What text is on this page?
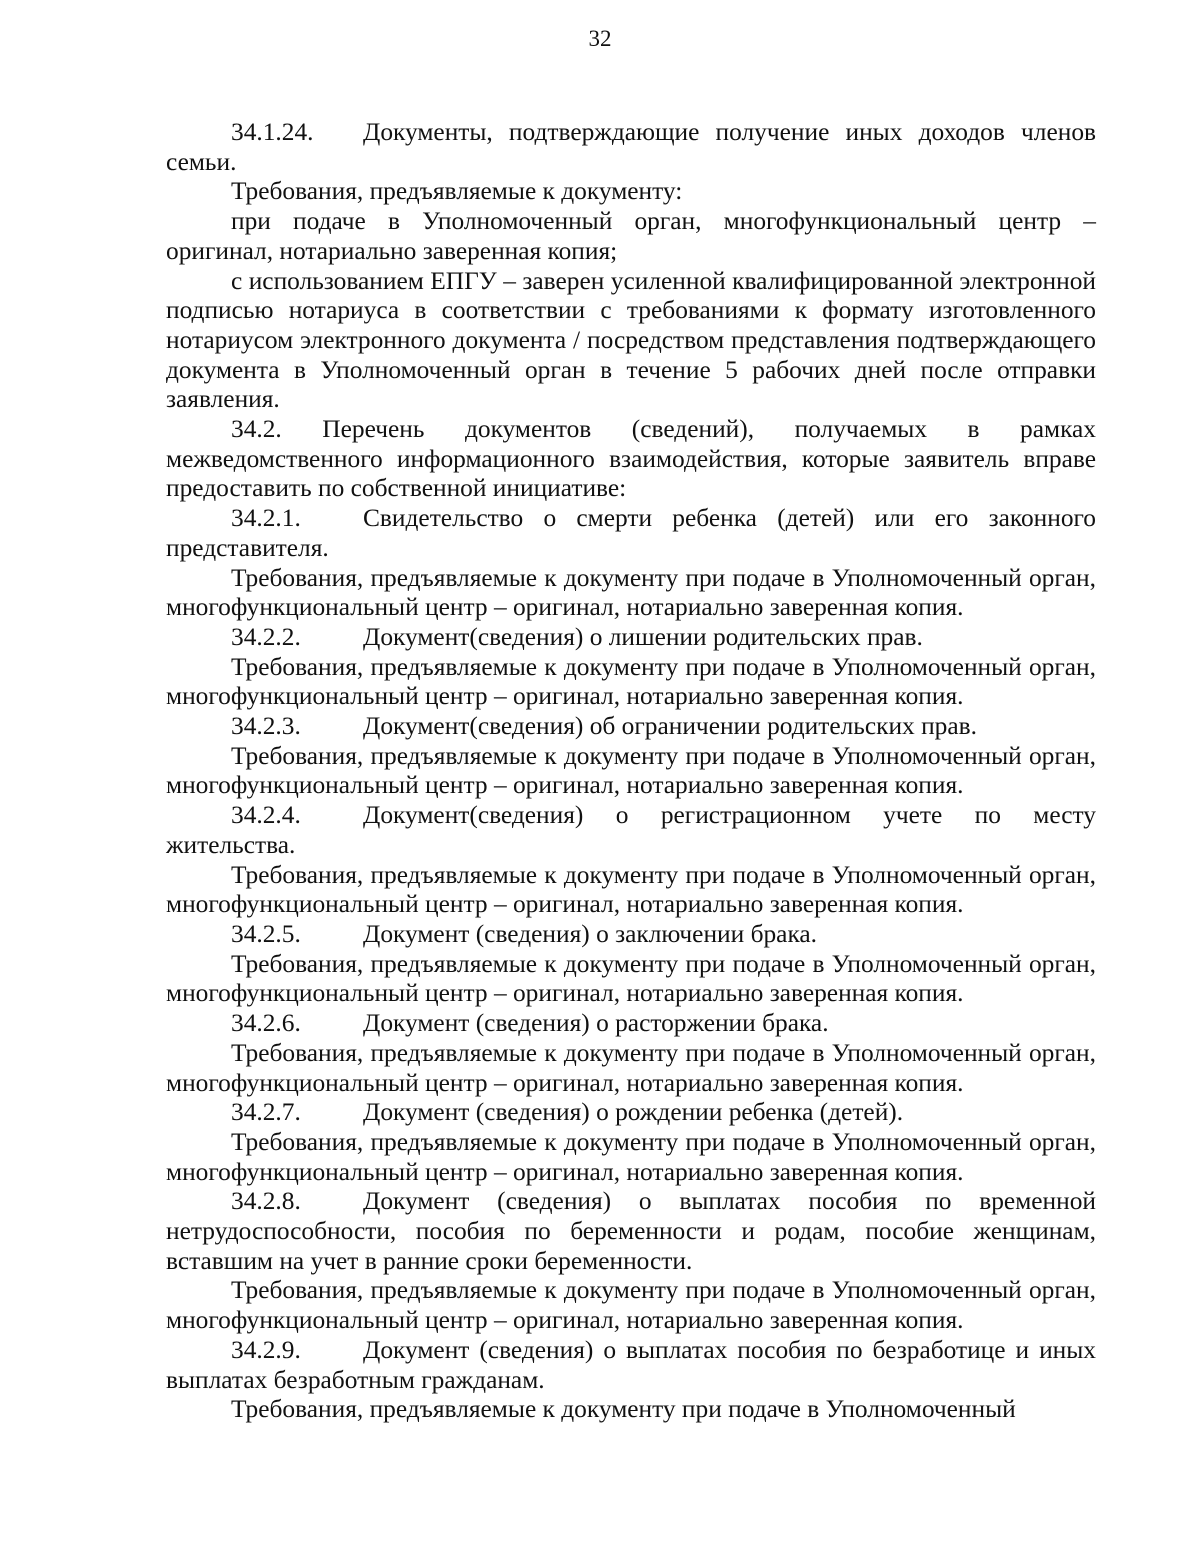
32

34.1.24. Документы, подтверждающие получение иных доходов членов семьи.

Требования, предъявляемые к документу:

при подаче в Уполномоченный орган, многофункциональный центр – оригинал, нотариально заверенная копия;

с использованием ЕПГУ – заверен усиленной квалифицированной электронной подписью нотариуса в соответствии с требованиями к формату изготовленного нотариусом электронного документа / посредством представления подтверждающего документа в Уполномоченный орган в течение 5 рабочих дней после отправки заявления.

34.2. Перечень документов (сведений), получаемых в рамках межведомственного информационного взаимодействия, которые заявитель вправе предоставить по собственной инициативе:

34.2.1. Свидетельство о смерти ребенка (детей) или его законного представителя.

Требования, предъявляемые к документу при подаче в Уполномоченный орган, многофункциональный центр – оригинал, нотариально заверенная копия.

34.2.2. Документ(сведения) о лишении родительских прав.

Требования, предъявляемые к документу при подаче в Уполномоченный орган, многофункциональный центр – оригинал, нотариально заверенная копия.

34.2.3. Документ(сведения) об ограничении родительских прав.

Требования, предъявляемые к документу при подаче в Уполномоченный орган, многофункциональный центр – оригинал, нотариально заверенная копия.

34.2.4. Документ(сведения) о регистрационном учете по месту жительства.

Требования, предъявляемые к документу при подаче в Уполномоченный орган, многофункциональный центр – оригинал, нотариально заверенная копия.

34.2.5. Документ (сведения) о заключении брака.

Требования, предъявляемые к документу при подаче в Уполномоченный орган, многофункциональный центр – оригинал, нотариально заверенная копия.

34.2.6. Документ (сведения) о расторжении брака.

Требования, предъявляемые к документу при подаче в Уполномоченный орган, многофункциональный центр – оригинал, нотариально заверенная копия.

34.2.7. Документ (сведения) о рождении ребенка (детей).

Требования, предъявляемые к документу при подаче в Уполномоченный орган, многофункциональный центр – оригинал, нотариально заверенная копия.

34.2.8. Документ (сведения) о выплатах пособия по временной нетрудоспособности, пособия по беременности и родам, пособие женщинам, вставшим на учет в ранние сроки беременности.

Требования, предъявляемые к документу при подаче в Уполномоченный орган, многофункциональный центр – оригинал, нотариально заверенная копия.

34.2.9. Документ (сведения) о выплатах пособия по безработице и иных выплатах безработным гражданам.

Требования, предъявляемые к документу при подаче в Уполномоченный
